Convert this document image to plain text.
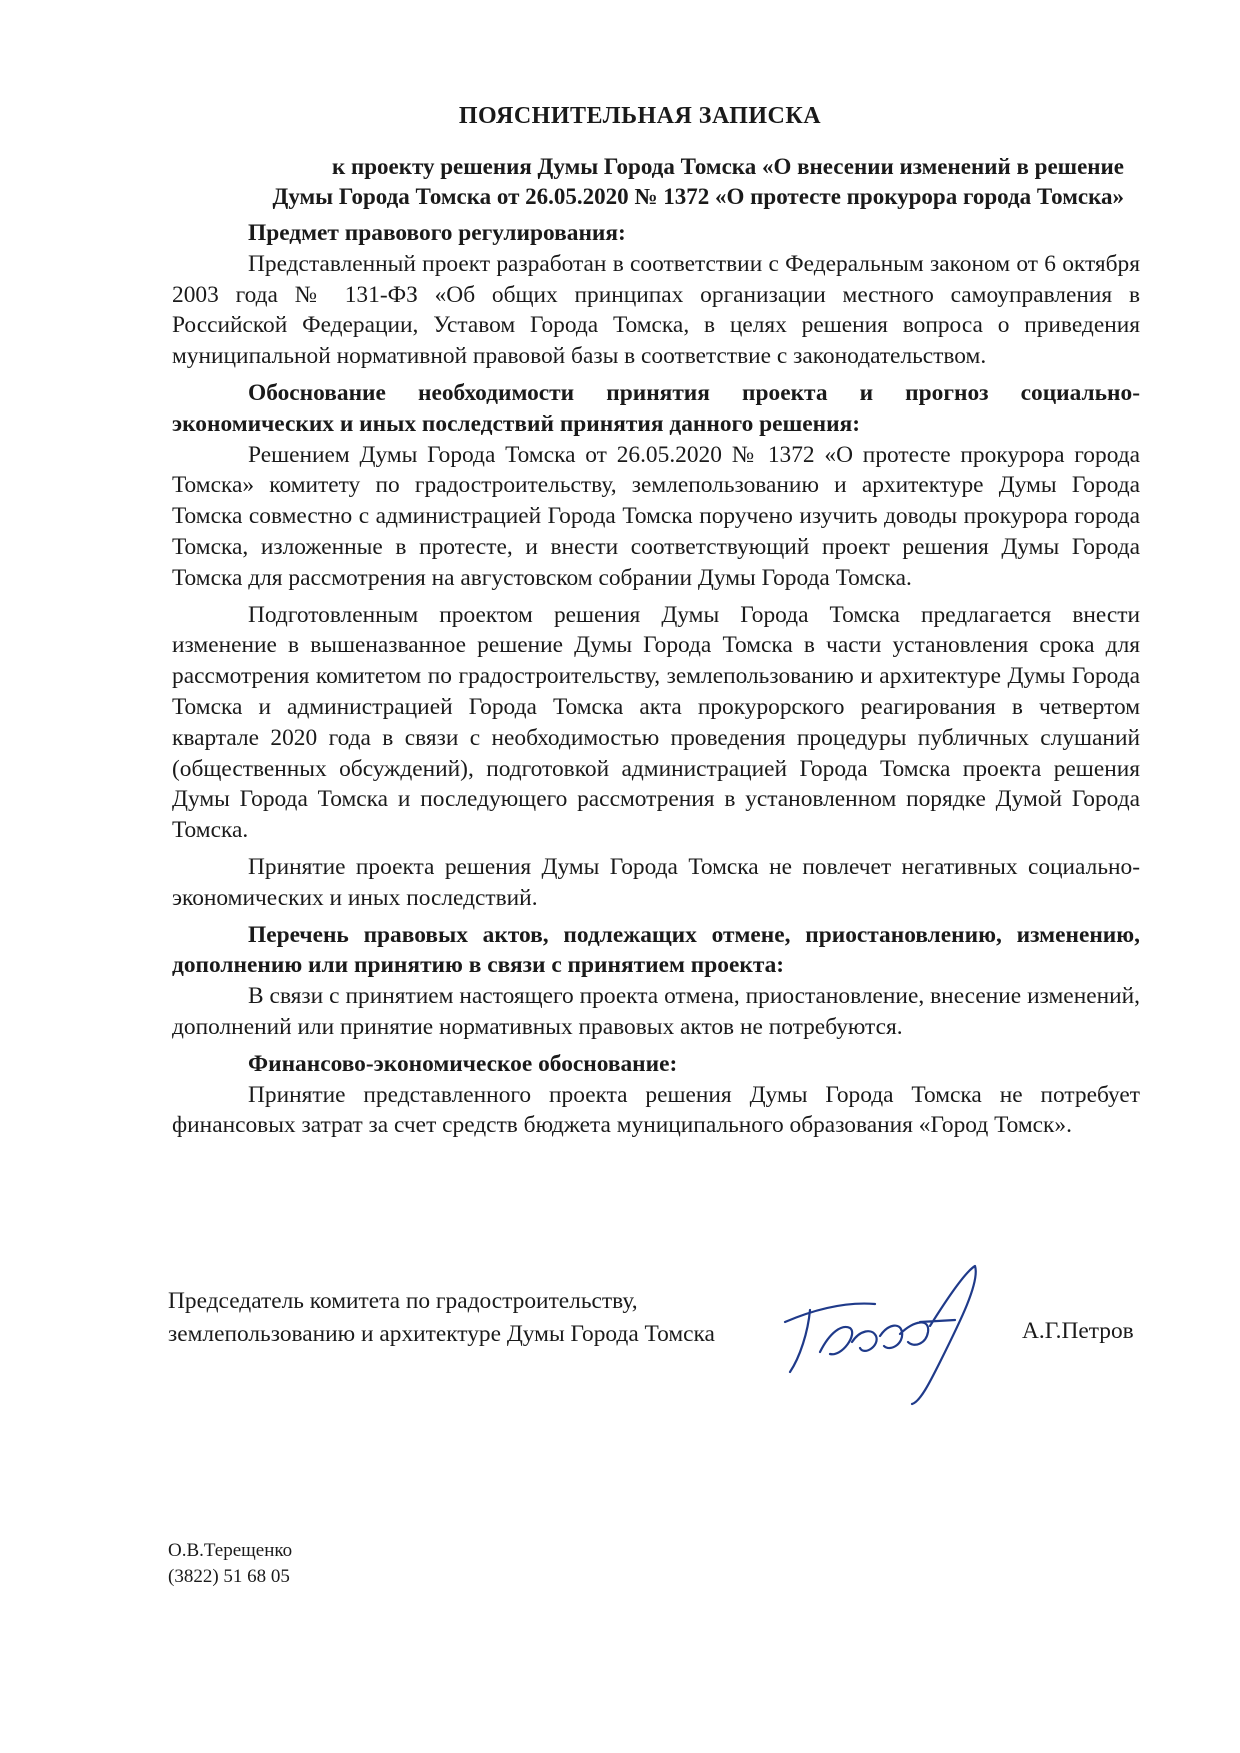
ПОЯСНИТЕЛЬНАЯ ЗАПИСКА
к проекту решения Думы Города Томска «О внесении изменений в решение
Думы Города Томска от 26.05.2020 № 1372 «О протесте прокурора города Томска»

Предмет правового регулирования:

Представленный проект разработан в соответствии с Федеральным законом от 6 октября 2003 года № 131-ФЗ «Об общих принципах организации местного самоуправления в Российской Федерации, Уставом Города Томска, в целях решения вопроса о приведения муниципальной нормативной правовой базы в соответствие с законодательством.

Обоснование необходимости принятия проекта и прогноз социально-экономических и иных последствий принятия данного решения:

Решением Думы Города Томска от 26.05.2020 № 1372 «О протесте прокурора города Томска» комитету по градостроительству, землепользованию и архитектуре Думы Города Томска совместно с администрацией Города Томска поручено изучить доводы прокурора города Томска, изложенные в протесте, и внести соответствующий проект решения Думы Города Томска для рассмотрения на августовском собрании Думы Города Томска.

Подготовленным проектом решения Думы Города Томска предлагается внести изменение в вышеназванное решение Думы Города Томска в части установления срока для рассмотрения комитетом по градостроительству, землепользованию и архитектуре Думы Города Томска и администрацией Города Томска акта прокурорского реагирования в четвертом квартале 2020 года в связи с необходимостью проведения процедуры публичных слушаний (общественных обсуждений), подготовкой администрацией Города Томска проекта решения Думы Города Томска и последующего рассмотрения в установленном порядке Думой Города Томска.

Принятие проекта решения Думы Города Томска не повлечет негативных социально-экономических и иных последствий.

Перечень правовых актов, подлежащих отмене, приостановлению, изменению, дополнению или принятию в связи с принятием проекта:

В связи с принятием настоящего проекта отмена, приостановление, внесение изменений, дополнений или принятие нормативных правовых актов не потребуются.

Финансово-экономическое обоснование:

Принятие представленного проекта решения Думы Города Томска не потребует финансовых затрат за счет средств бюджета муниципального образования «Город Томск».

Председатель комитета по градостроительству,
землепользованию и архитектуре Думы Города Томска	А.Г.Петров
О.В.Терещенко
(3822) 51 68 05
